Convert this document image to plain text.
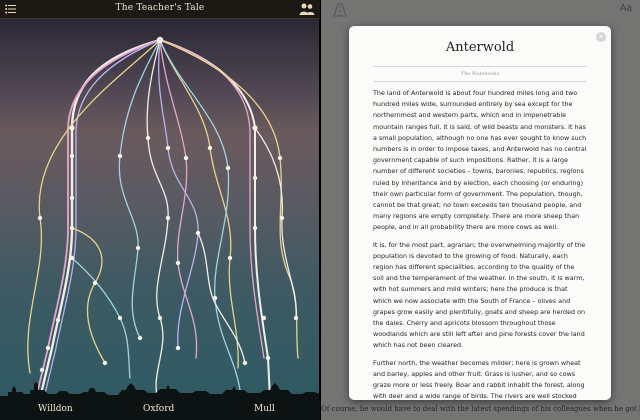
The Teacher's Tale
Willdon	Oxford	Mull
Aa
×
Anterwold
The Notebooks

The land of Anterwold is about four hundred miles long and two hundred miles wide, surrounded entirely by sea except for the northernmost and western parts, which end in impenetrable mountain ranges full, it is said, of wild beasts and monsters. It has a small population, although no one has ever sought to know such numbers is in order to impose taxes, and Anterwold has no central government capable of such impositions. Rather, it is a large number of different societies – towns, baronies, republics, regions ruled by inheritance and by election, each choosing (or enduring) their own particular form of government. The population, though, cannot be that great; no town exceeds ten thousand people, and many regions are empty completely. There are more sheep than people, and in all probability there are more cows as well.

It is, for the most part, agrarian; the overwhelming majority of the population is devoted to the growing of food. Naturally, each region has different specialities, according to the quality of the soil and the temperament of the weather. In the south, it is warm, with hot summers and mild winters; here the produce is that which we now associate with the South of France – olives and grapes grow easily and plentifully, goats and sheep are herded on the dales. Cherry and apricots blossom throughout those woodlands which are still left after and pine forests cover the land which has not been cleared.

Further north, the weather becomes milder; here is grown wheat and barley, apples and other fruit. Grass is lusher, and so cows graze more or less freely. Boar and rabbit inhabit the forest, along with deer and a wide range of birds. The rivers are well stocked
